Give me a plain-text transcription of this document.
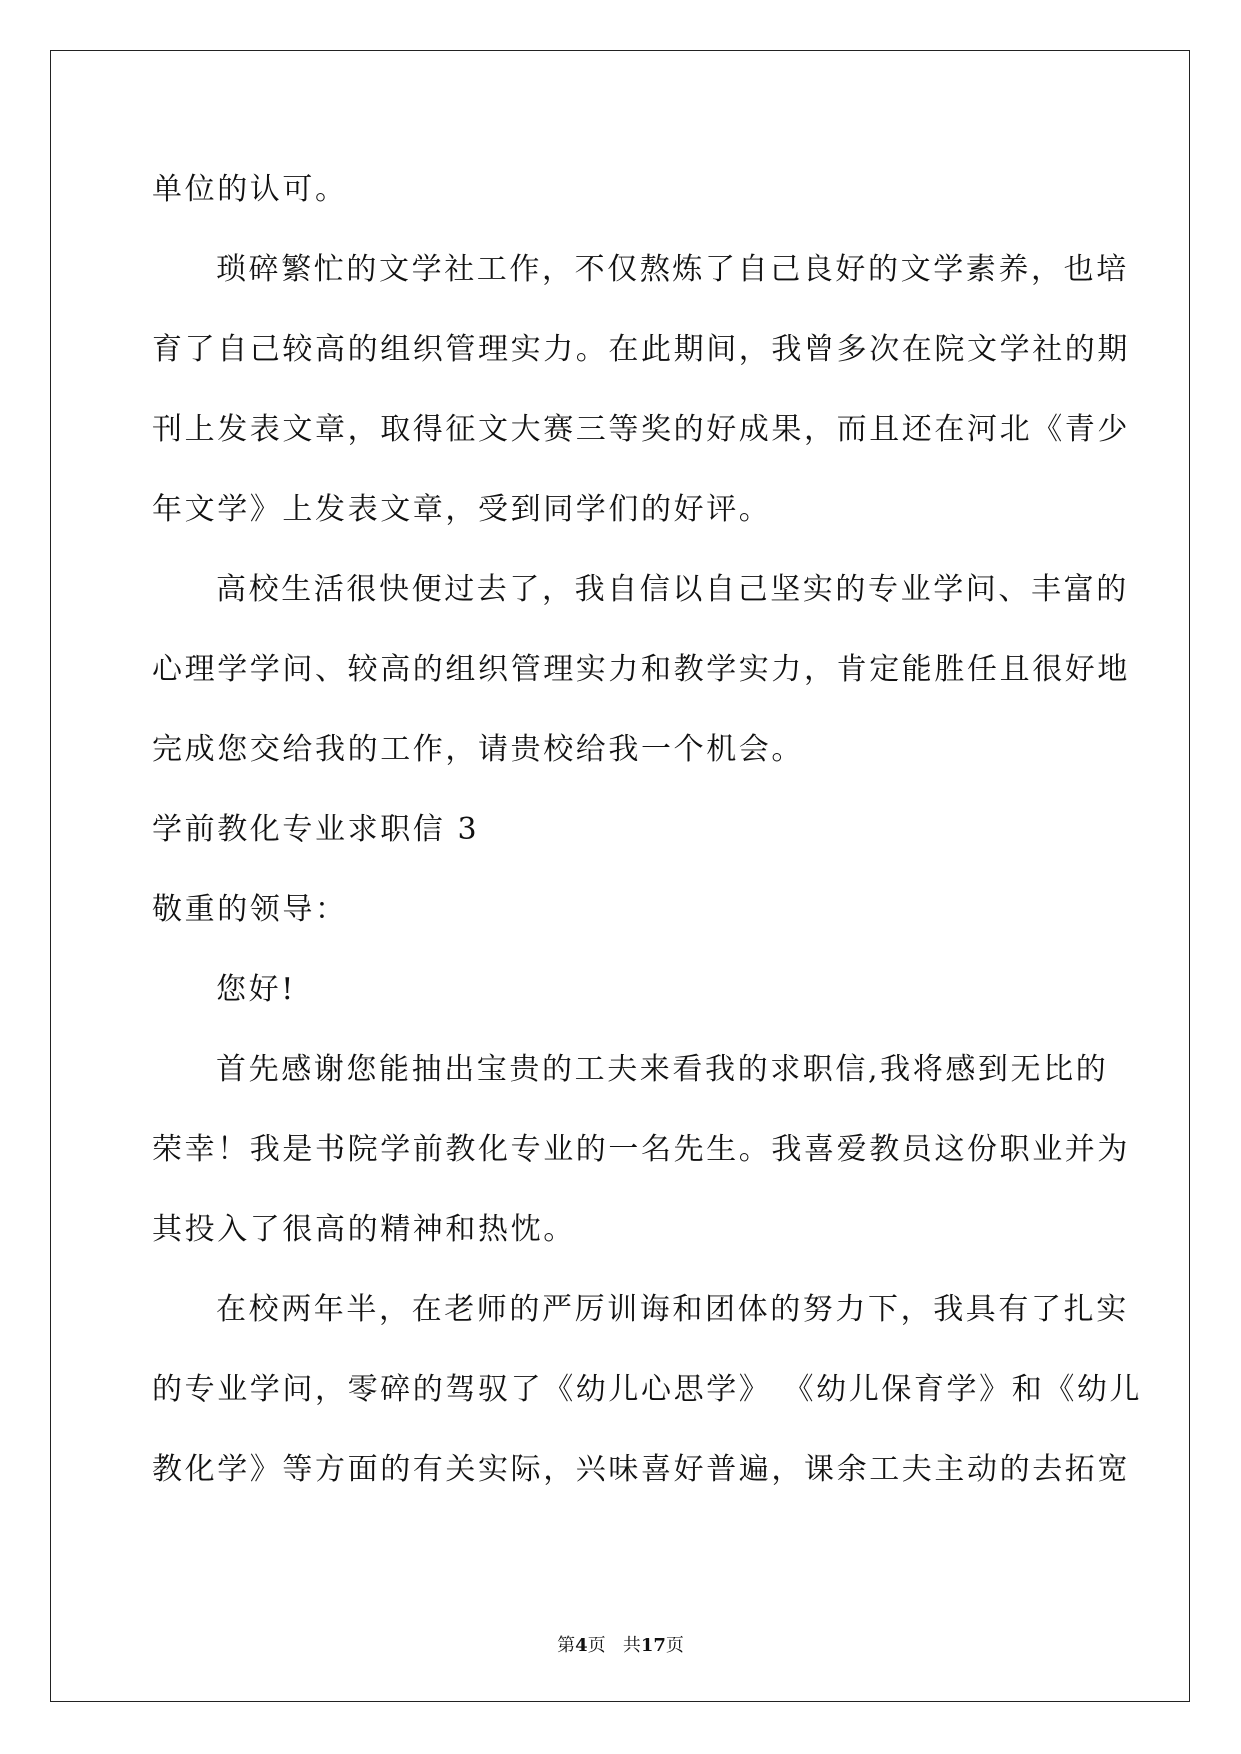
单位的认可。
琐碎繁忙的文学社工作，不仅熬炼了自己良好的文学素养，也培
育了自己较高的组织管理实力。在此期间，我曾多次在院文学社的期
刊上发表文章，取得征文大赛三等奖的好成果，而且还在河北《青少
年文学》上发表文章，受到同学们的好评。
高校生活很快便过去了，我自信以自己坚实的专业学问、丰富的
心理学学问、较高的组织管理实力和教学实力，肯定能胜任且很好地
完成您交给我的工作，请贵校给我一个机会。
学前教化专业求职信 3
敬重的领导：
您好!
首先感谢您能抽出宝贵的工夫来看我的求职信,我将感到无比的
荣幸！我是书院学前教化专业的一名先生。我喜爱教员这份职业并为
其投入了很高的精神和热忱。
在校两年半，在老师的严厉训诲和团体的努力下，我具有了扎实
的专业学问，零碎的驾驭了《幼儿心思学》 《幼儿保育学》和《幼儿
教化学》等方面的有关实际，兴味喜好普遍，课余工夫主动的去拓宽
第4页 共17页
